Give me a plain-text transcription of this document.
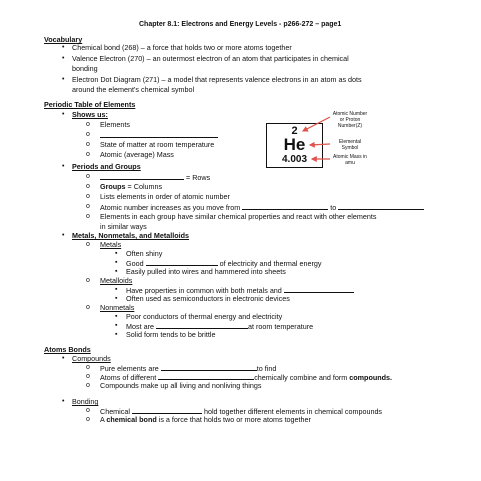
Chapter 8.1: Electrons and Energy Levels - p266-272 – page1
Vocabulary
• Chemical bond (268) – a force that holds two or more atoms together
• Valence Electron (270) – an outermost electron of an atom that participates in chemical
bonding
• Electron Dot Diagram (271) – a model that represents valence electrons in an atom as dots
around the element’s chemical symbol
Periodic Table of Elements
• Shows us:
o Elements
o
o State of matter at room temperature
o Atomic (average) Mass
• Periods and Groups
o	= Rows
o Groups = Columns
o Lists elements in order of atomic number
o Atomic number increases as you move from	to
o Elements in each group have similar chemical properties and react with other elements
in similar ways
2
He
4.003
Atomic Number
or Proton
Number(Z)
Elemental
Symbol
Atomic Mass in
amu
• Metals, Nonmetals, and Metalloids
o Metals
▪ Often shiny
▪ Good	of electricity and thermal energy
▪ Easily pulled into wires and hammered into sheets
o Metalloids
▪ Have properties in common with both metals and
▪ Often used as semiconductors in electronic devices
o Nonmetals
▪ Poor conductors of thermal energy and electricity
▪ Most are	at room temperature
▪ Solid form tends to be brittle
Atoms Bonds
• Compounds
o Pure elements are	to find
o Atoms of different	chemically combine and form compounds.
o Compounds make up all living and nonliving things
• Bonding
o Chemical	hold together different elements in chemical compounds
o A chemical bond is a force that holds two or more atoms together
